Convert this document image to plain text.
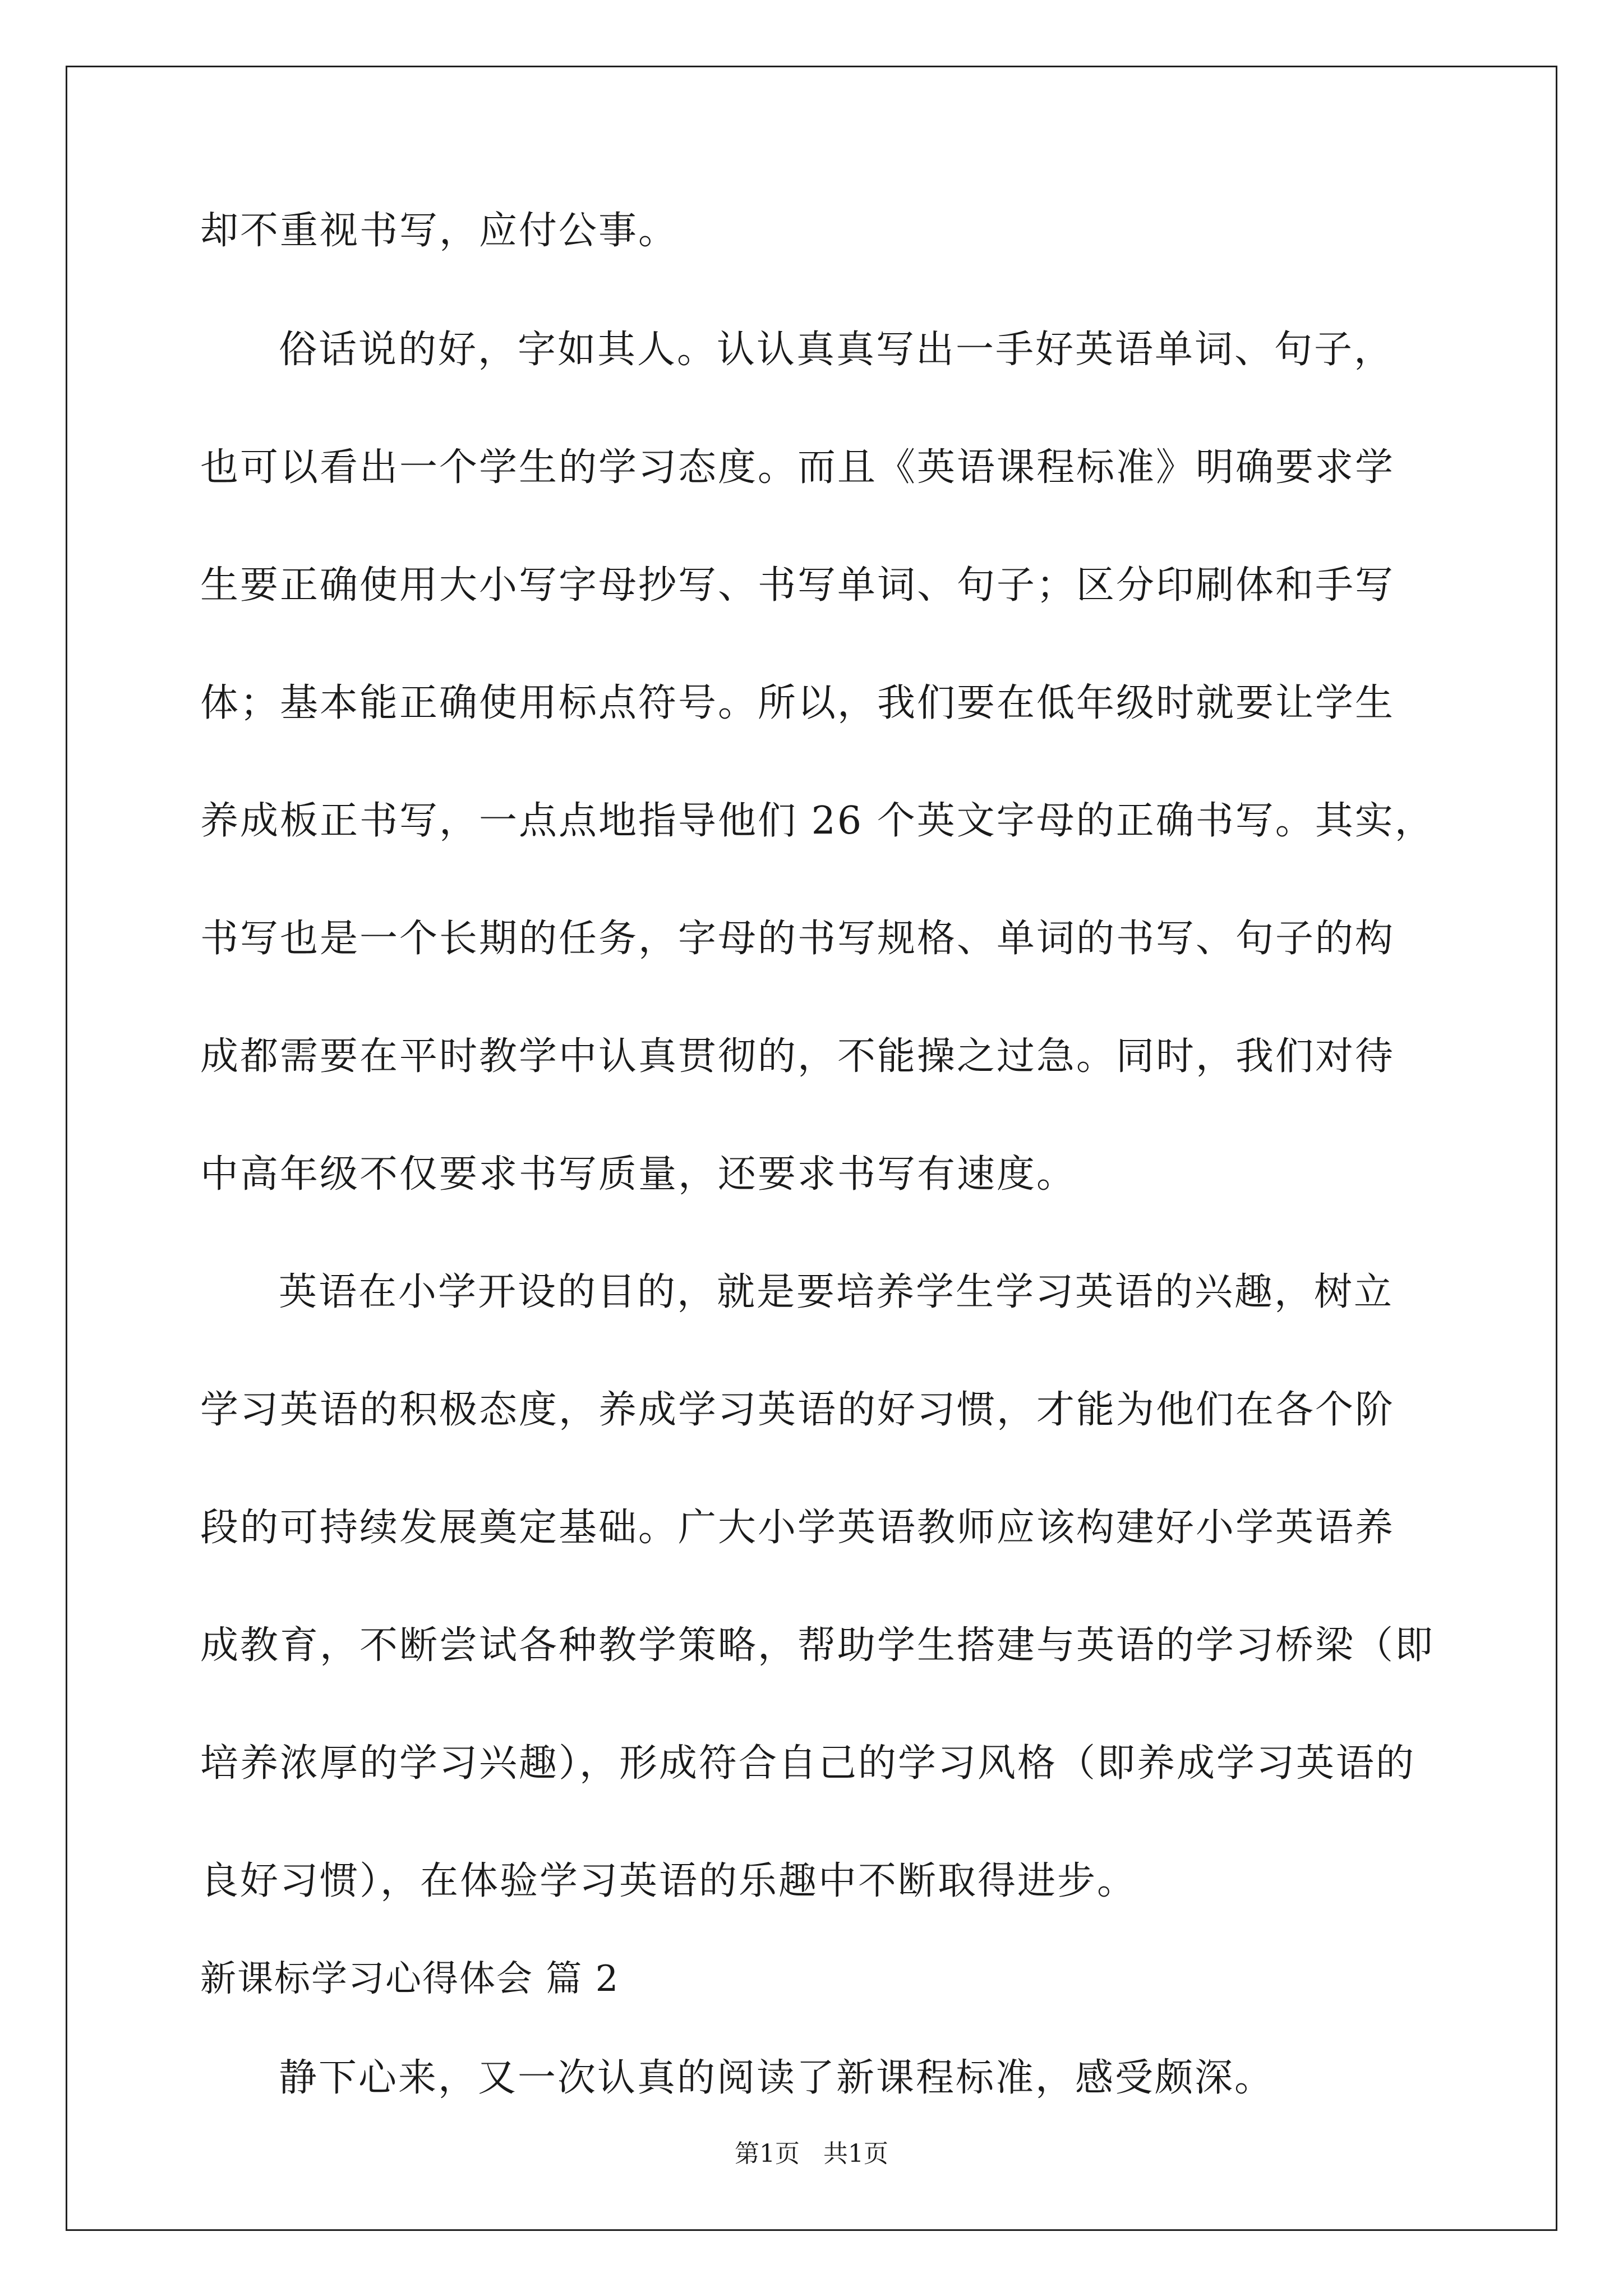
却不重视书写，应付公事。
俗话说的好，字如其人。认认真真写出一手好英语单词、句子，
也可以看出一个学生的学习态度。而且《英语课程标准》明确要求学
生要正确使用大小写字母抄写、书写单词、句子；区分印刷体和手写
体；基本能正确使用标点符号。所以，我们要在低年级时就要让学生
养成板正书写，一点点地指导他们 26 个英文字母的正确书写。其实，
书写也是一个长期的任务，字母的书写规格、单词的书写、句子的构
成都需要在平时教学中认真贯彻的，不能操之过急。同时，我们对待
中高年级不仅要求书写质量，还要求书写有速度。
英语在小学开设的目的，就是要培养学生学习英语的兴趣，树立
学习英语的积极态度，养成学习英语的好习惯，才能为他们在各个阶
段的可持续发展奠定基础。广大小学英语教师应该构建好小学英语养
成教育，不断尝试各种教学策略，帮助学生搭建与英语的学习桥梁（即
培养浓厚的学习兴趣），形成符合自己的学习风格（即养成学习英语的
良好习惯），在体验学习英语的乐趣中不断取得进步。
新课标学习心得体会 篇 2
静下心来，又一次认真的阅读了新课程标准，感受颇深。
第1页   共1页
